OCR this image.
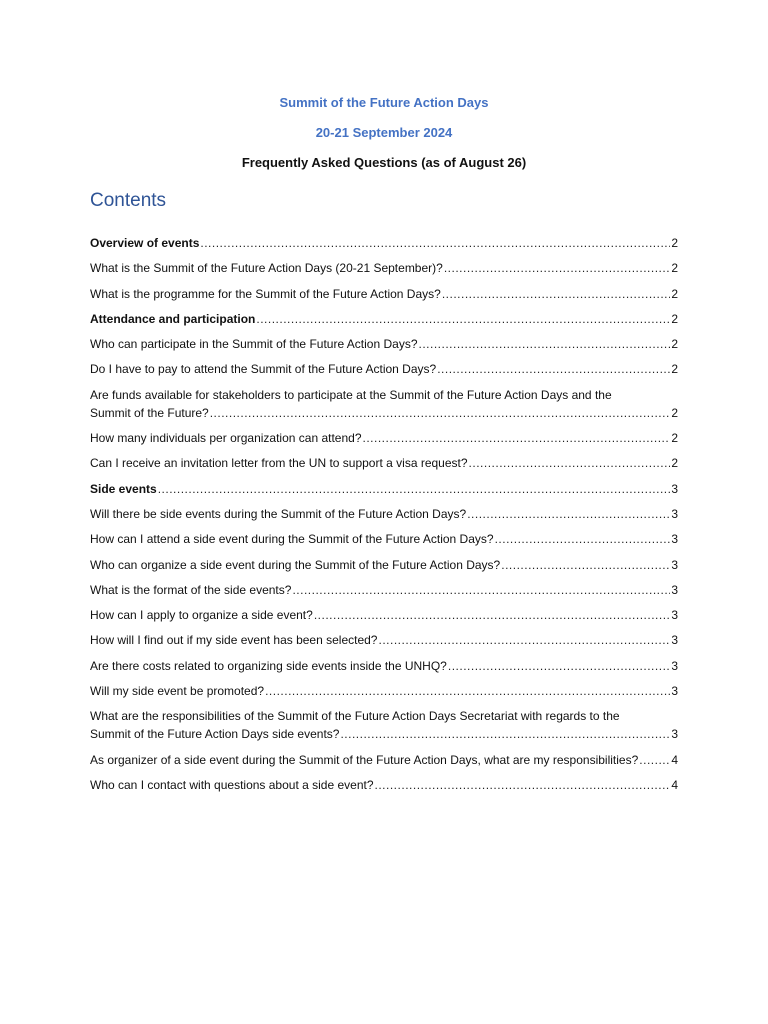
Summit of the Future Action Days
20-21 September 2024
Frequently Asked Questions (as of August 26)
Contents
Overview of events .....	2
What is the Summit of the Future Action Days (20-21 September)? .....	2
What is the programme for the Summit of the Future Action Days? .....	2
Attendance and participation .....	2
Who can participate in the Summit of the Future Action Days? .....	2
Do I have to pay to attend the Summit of the Future Action Days? .....	2
Are funds available for stakeholders to participate at the Summit of the Future Action Days and the
Summit of the Future? .....	2
How many individuals per organization can attend? .....	2
Can I receive an invitation letter from the UN to support a visa request? .....	2
Side events .....	3
Will there be side events during the Summit of the Future Action Days? .....	3
How can I attend a side event during the Summit of the Future Action Days? .....	3
Who can organize a side event during the Summit of the Future Action Days? .....	3
What is the format of the side events? .....	3
How can I apply to organize a side event? .....	3
How will I find out if my side event has been selected? .....	3
Are there costs related to organizing side events inside the UNHQ? .....	3
Will my side event be promoted? .....	3
What are the responsibilities of the Summit of the Future Action Days Secretariat with regards to the
Summit of the Future Action Days side events? .....	3
As organizer of a side event during the Summit of the Future Action Days, what are my responsibilities? .....	4
Who can I contact with questions about a side event? .....	4
